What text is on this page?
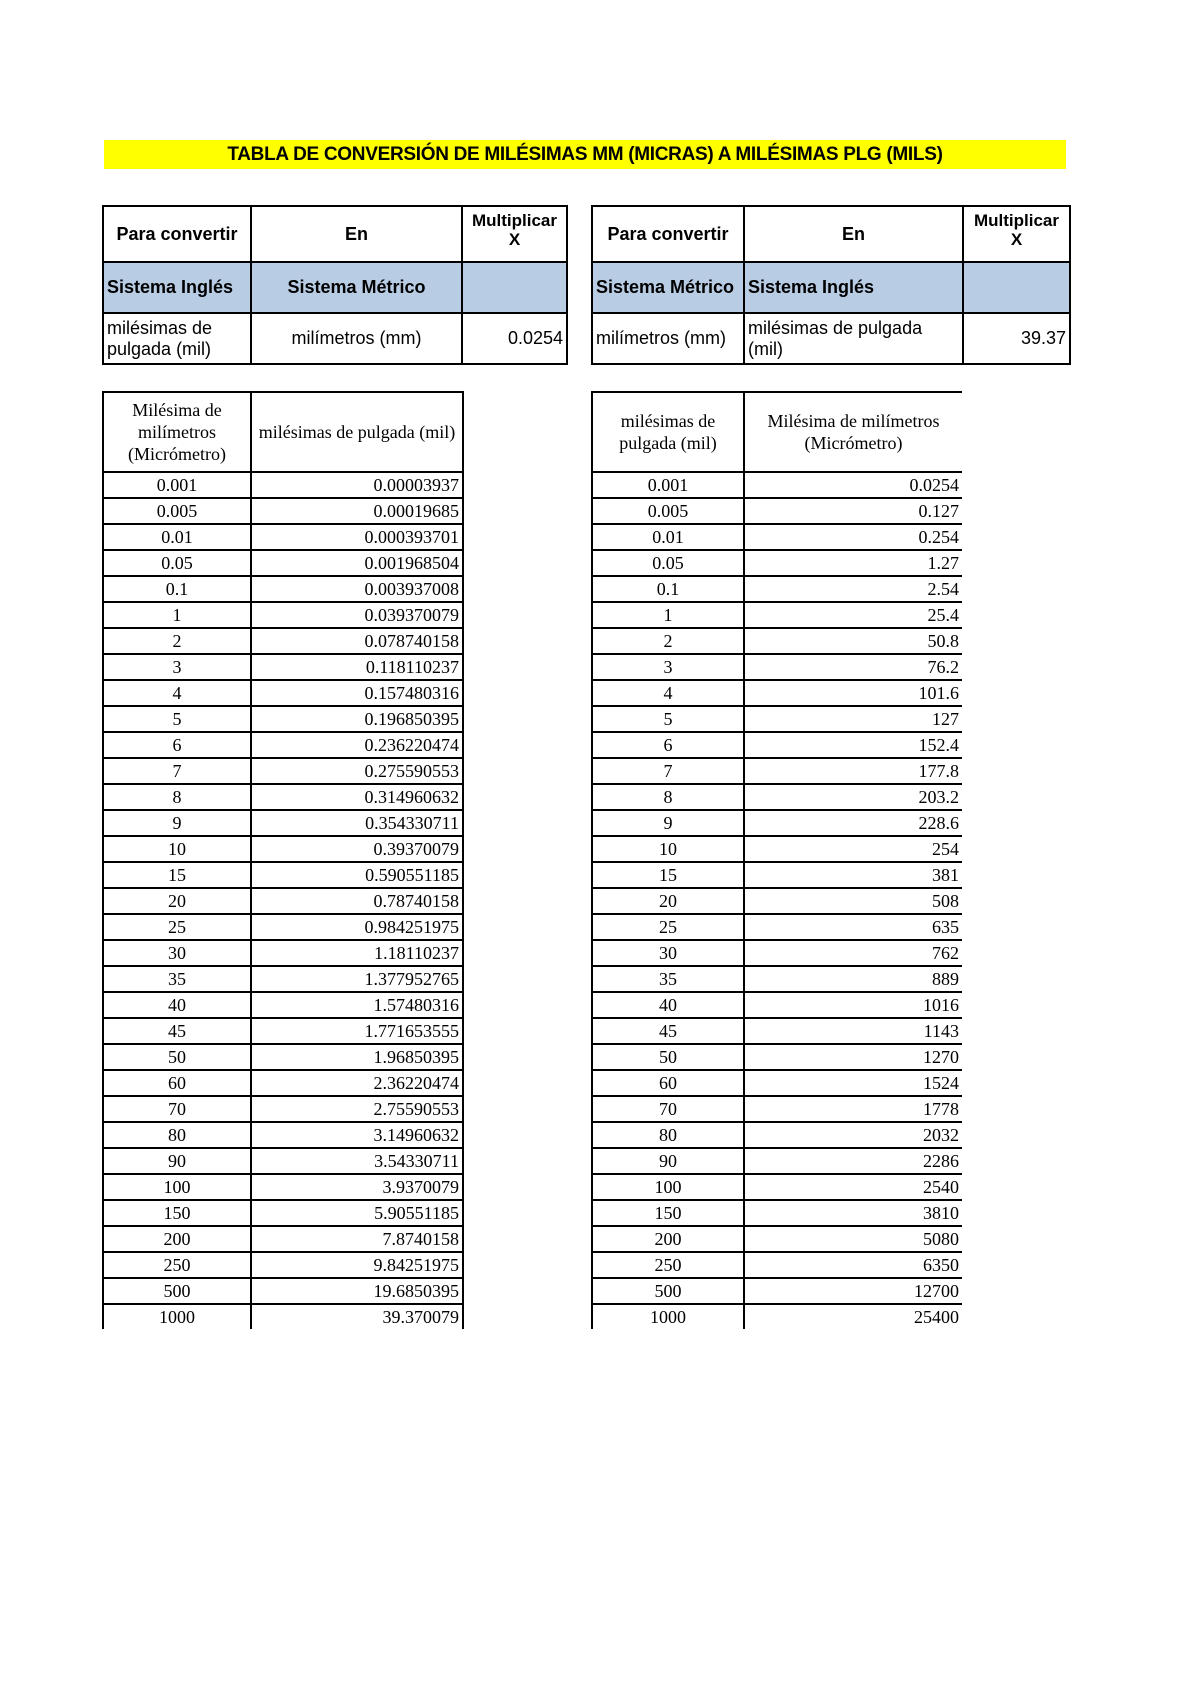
TABLA DE CONVERSIÓN DE MILÉSIMAS MM (MICRAS) A MILÉSIMAS PLG (MILS)
Para convertir	En	Multiplicar X
Sistema Inglés	Sistema Métrico	
milésimas de pulgada (mil)	milímetros (mm)	0.0254
Para convertir	En	Multiplicar X
Sistema Métrico	Sistema Inglés	
milímetros (mm)	milésimas de pulgada (mil)	39.37
Milésima de milímetros (Micrómetro)	milésimas de pulgada (mil)
0.001	0.00003937
0.005	0.00019685
0.01	0.000393701
0.05	0.001968504
0.1	0.003937008
1	0.039370079
2	0.078740158
3	0.118110237
4	0.157480316
5	0.196850395
6	0.236220474
7	0.275590553
8	0.314960632
9	0.354330711
10	0.39370079
15	0.590551185
20	0.78740158
25	0.984251975
30	1.18110237
35	1.377952765
40	1.57480316
45	1.771653555
50	1.96850395
60	2.36220474
70	2.75590553
80	3.14960632
90	3.54330711
100	3.9370079
150	5.90551185
200	7.8740158
250	9.84251975
500	19.6850395
1000	39.370079
milésimas de pulgada (mil)	Milésima de milímetros (Micrómetro)
0.001	0.0254
0.005	0.127
0.01	0.254
0.05	1.27
0.1	2.54
1	25.4
2	50.8
3	76.2
4	101.6
5	127
6	152.4
7	177.8
8	203.2
9	228.6
10	254
15	381
20	508
25	635
30	762
35	889
40	1016
45	1143
50	1270
60	1524
70	1778
80	2032
90	2286
100	2540
150	3810
200	5080
250	6350
500	12700
1000	25400
